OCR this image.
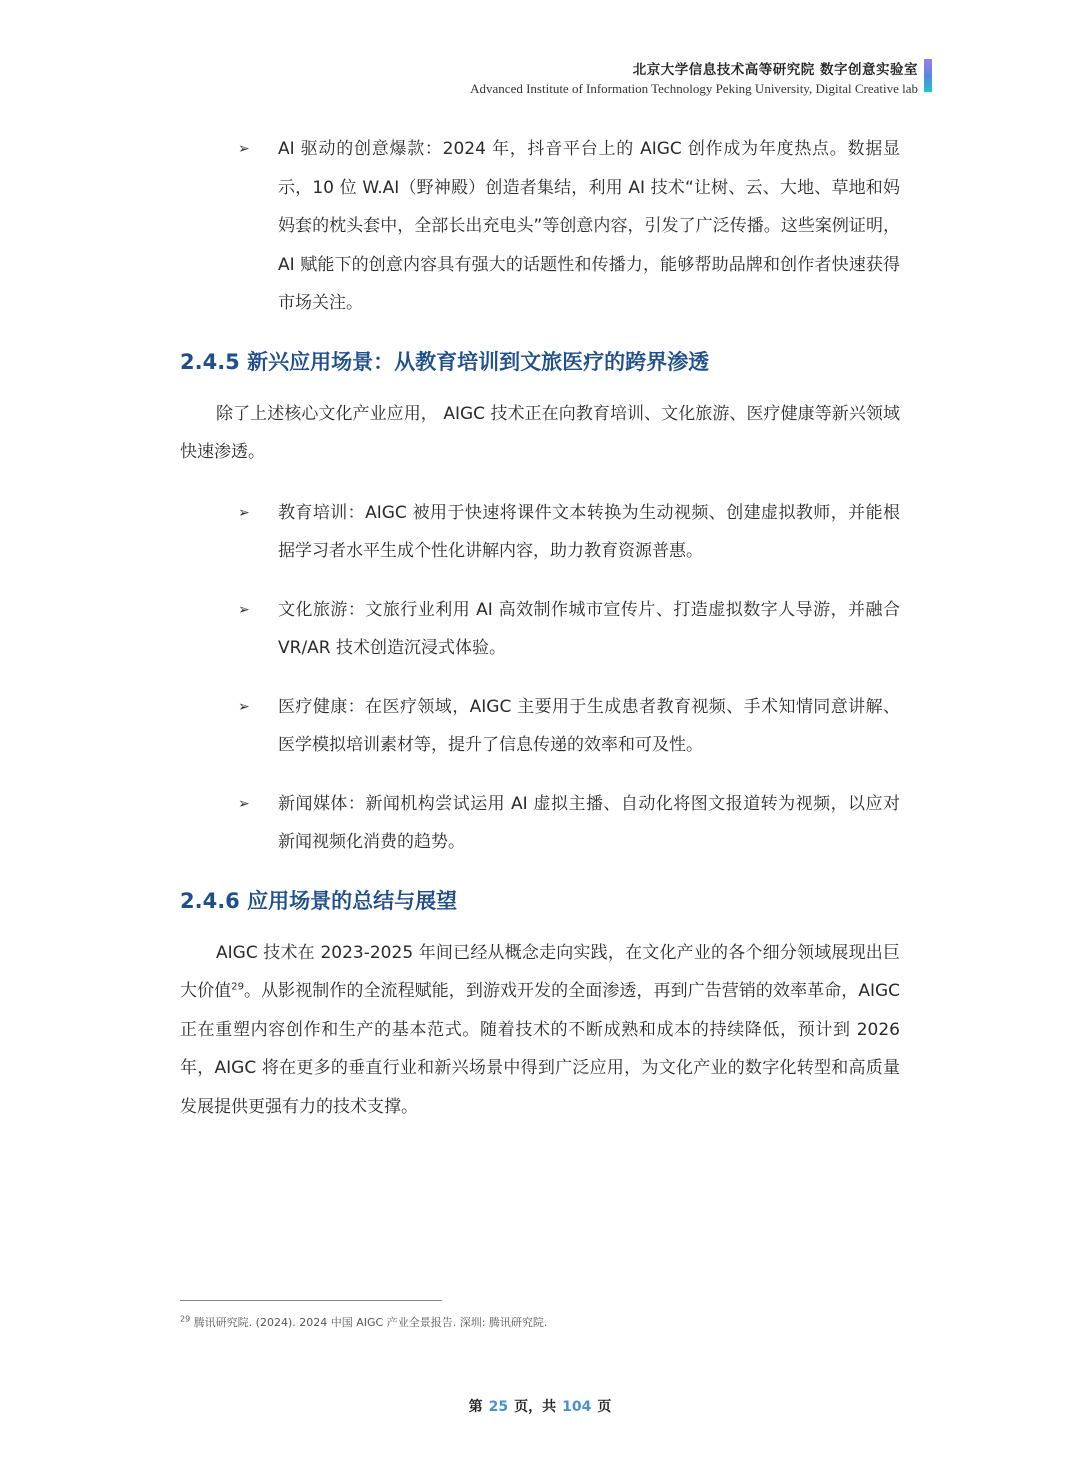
北京大学信息技术高等研究院 数字创意实验室
Advanced Institute of Information Technology Peking University, Digital Creative lab
➢ AI 驱动的创意爆款：2024 年，抖音平台上的 AIGC 创作成为年度热点。数据显示，10 位 W.AI（野神殿）创造者集结，利用 AI 技术“让树、云、大地、草地和妈妈套的枕头套中，全部长出充电头”等创意内容，引发了广泛传播。这些案例证明，AI 赋能下的创意内容具有强大的话题性和传播力，能够帮助品牌和创作者快速获得市场关注。
2.4.5 新兴应用场景：从教育培训到文旅医疗的跨界渗透
除了上述核心文化产业应用， AIGC 技术正在向教育培训、文化旅游、医疗健康等新兴领域快速渗透。
➢ 教育培训：AIGC 被用于快速将课件文本转换为生动视频、创建虚拟教师，并能根据学习者水平生成个性化讲解内容，助力教育资源普惠。
➢ 文化旅游：文旅行业利用 AI 高效制作城市宣传片、打造虚拟数字人导游，并融合 VR/AR 技术创造沉浸式体验。
➢ 医疗健康：在医疗领域，AIGC 主要用于生成患者教育视频、手术知情同意讲解、医学模拟培训素材等，提升了信息传递的效率和可及性。
➢ 新闻媒体：新闻机构尝试运用 AI 虚拟主播、自动化将图文报道转为视频，以应对新闻视频化消费的趋势。
2.4.6 应用场景的总结与展望
AIGC 技术在 2023-2025 年间已经从概念走向实践，在文化产业的各个细分领域展现出巨大价值$^{29}$。从影视制作的全流程赋能，到游戏开发的全面渗透，再到广告营销的效率革命，AIGC 正在重塑内容创作和生产的基本范式。随着技术的不断成熟和成本的持续降低，预计到 2026 年，AIGC 将在更多的垂直行业和新兴场景中得到广泛应用，为文化产业的数字化转型和高质量发展提供更强有力的技术支撑。
$^{29}$ 腾讯研究院. (2024). 2024 中国 AIGC 产业全景报告. 深圳: 腾讯研究院.
第 25 页，共 104 页
